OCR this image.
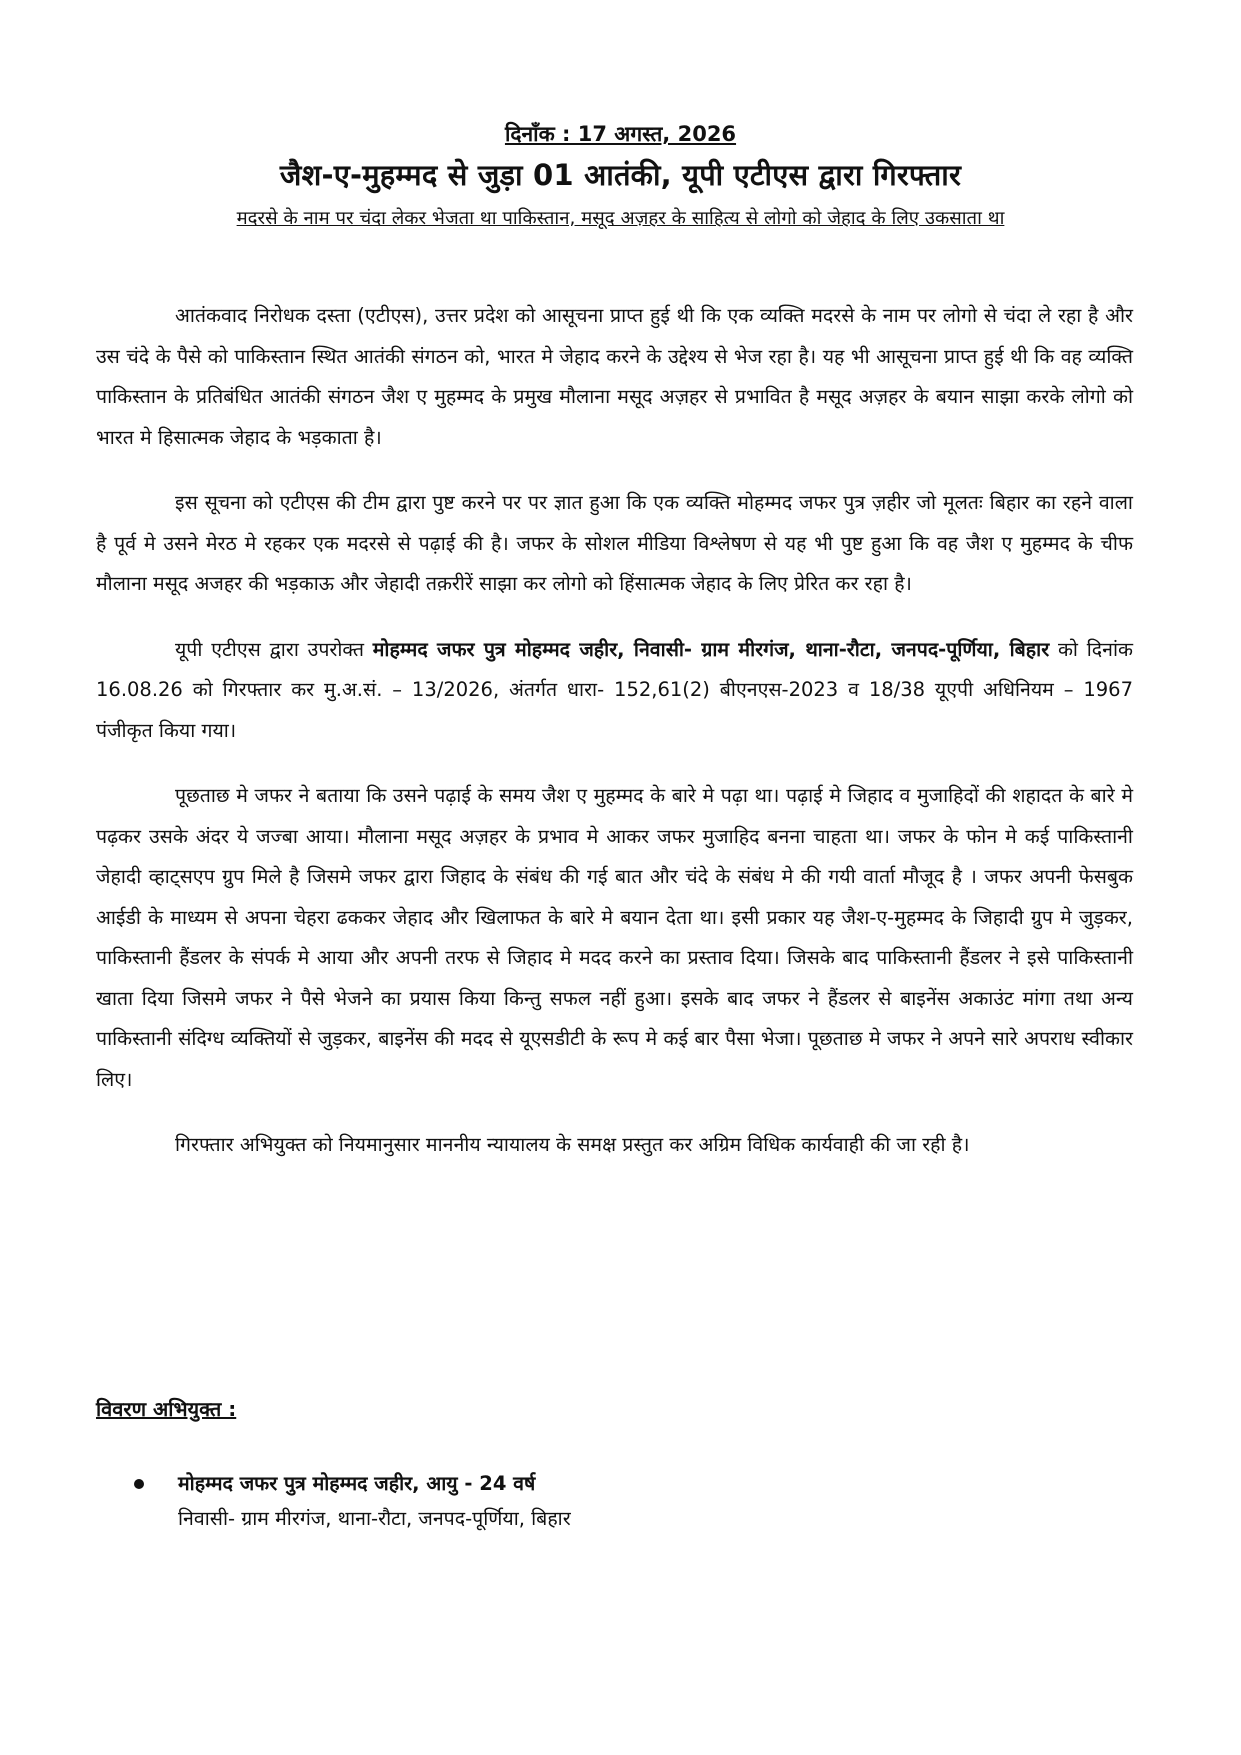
दिनाँक : 17 अगस्त, 2026
जैश-ए-मुहम्मद से जुड़ा 01 आतंकी, यूपी एटीएस द्वारा गिरफ्तार
मदरसे के नाम पर चंदा लेकर भेजता था पाकिस्तान, मसूद अज़हर के साहित्य से लोगो को जेहाद के लिए उकसाता था

आतंकवाद निरोधक दस्ता (एटीएस), उत्तर प्रदेश को आसूचना प्राप्त हुई थी कि एक व्यक्ति मदरसे के नाम पर लोगो से चंदा ले रहा है और उस चंदे के पैसे को पाकिस्तान स्थित आतंकी संगठन को, भारत मे जेहाद करने के उद्देश्य से भेज रहा है। यह भी आसूचना प्राप्त हुई थी कि वह व्यक्ति पाकिस्तान के प्रतिबंधित आतंकी संगठन जैश ए मुहम्मद के प्रमुख मौलाना मसूद अज़हर से प्रभावित है मसूद अज़हर के बयान साझा करके लोगो को भारत मे हिसात्मक जेहाद के भड़काता है।

इस सूचना को एटीएस की टीम द्वारा पुष्ट करने पर पर ज्ञात हुआ कि एक व्यक्ति मोहम्मद जफर पुत्र ज़हीर जो मूलतः बिहार का रहने वाला है पूर्व मे उसने मेरठ मे रहकर एक मदरसे से पढ़ाई की है। जफर के सोशल मीडिया विश्लेषण से यह भी पुष्ट हुआ कि वह जैश ए मुहम्मद के चीफ मौलाना मसूद अजहर की भड़काऊ और जेहादी तक़रीरें साझा कर लोगो को हिंसात्मक जेहाद के लिए प्रेरित कर रहा है।

यूपी एटीएस द्वारा उपरोक्त मोहम्मद जफर पुत्र मोहम्मद जहीर, निवासी- ग्राम मीरगंज, थाना-रौटा, जनपद-पूर्णिया, बिहार को दिनांक 16.08.26 को गिरफ्तार कर मु.अ.सं. – 13/2026, अंतर्गत धारा- 152,61(2) बीएनएस-2023 व 18/38 यूएपी अधिनियम – 1967 पंजीकृत किया गया।

पूछताछ मे जफर ने बताया कि उसने पढ़ाई के समय जैश ए मुहम्मद के बारे मे पढ़ा था। पढ़ाई मे जिहाद व मुजाहिदों की शहादत के बारे मे पढ़कर उसके अंदर ये जज्बा आया। मौलाना मसूद अज़हर के प्रभाव मे आकर जफर मुजाहिद बनना चाहता था। जफर के फोन मे कई पाकिस्तानी जेहादी व्हाट्सएप ग्रुप मिले है जिसमे जफर द्वारा जिहाद के संबंध की गई बात और चंदे के संबंध मे की गयी वार्ता मौजूद है । जफर अपनी फेसबुक आईडी के माध्यम से अपना चेहरा ढककर जेहाद और खिलाफत के बारे मे बयान देता था। इसी प्रकार यह जैश-ए-मुहम्मद के जिहादी ग्रुप मे जुड़कर, पाकिस्तानी हैंडलर के संपर्क मे आया और अपनी तरफ से जिहाद मे मदद करने का प्रस्ताव दिया। जिसके बाद पाकिस्तानी हैंडलर ने इसे पाकिस्तानी खाता दिया जिसमे जफर ने पैसे भेजने का प्रयास किया किन्तु सफल नहीं हुआ। इसके बाद जफर ने हैंडलर से बाइनेंस अकाउंट मांगा तथा अन्य पाकिस्तानी संदिग्ध व्यक्तियों से जुड़कर, बाइनेंस की मदद से यूएसडीटी के रूप मे कई बार पैसा भेजा। पूछताछ मे जफर ने अपने सारे अपराध स्वीकार लिए।

गिरफ्तार अभियुक्त को नियमानुसार माननीय न्यायालय के समक्ष प्रस्तुत कर अग्रिम विधिक कार्यवाही की जा रही है।

विवरण अभियुक्त :
मोहम्मद जफर पुत्र मोहम्मद जहीर, आयु - 24 वर्ष
निवासी- ग्राम मीरगंज, थाना-रौटा, जनपद-पूर्णिया, बिहार
